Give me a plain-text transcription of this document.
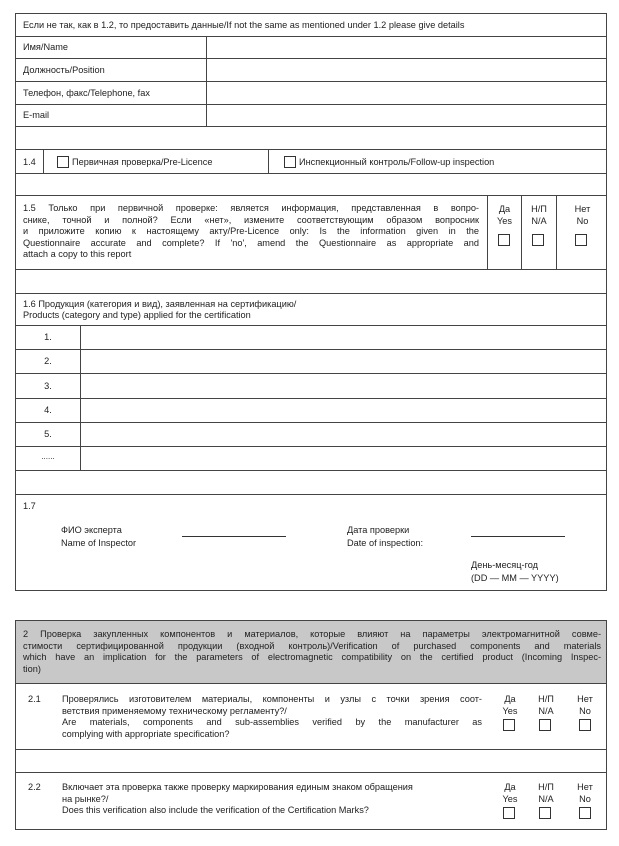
Если не так, как в 1.2, то предоставить данные/If not the same as mentioned under 1.2 please give details
Имя/Name
Должность/Position
Телефон, факс/Telephone, fax
E-mail
1.4	Первичная проверка/Pre-Licence	Инспекционный контроль/Follow-up inspection
1.5 Только при первичной проверке: является информация, представленная в вопро-
снике, точной и полной? Если «нет», измените соответствующим образом вопросник
и приложите копию к настоящему акту/Pre-Licence only: Is the information given in the
Questionnaire accurate and complete? If 'no', amend the Questionnaire as appropriate and
attach a copy to this report
Да
Yes
Н/П
N/A
Нет
No
1.6 Продукция (категория и вид), заявленная на сертификацию/
Products (category and type) applied for the certification
1.
2.
3.
4.
5.
......
1.7
ФИО эксперта
Name of Inspector
Дата проверки
Date of inspection:
День-месяц-год
(DD — MM — YYYY)
2 Проверка закупленных компонентов и материалов, которые влияют на параметры электромагнитной совме-
стимости сертифицированной продукции (входной контроль)/Verification of purchased components and materials
which have an implication for the parameters of electromagnetic compatibility on the certified product (Incoming Inspec-
tion)
2.1 Проверялись изготовителем материалы, компоненты и узлы с точки зрения соот-
ветствия применяемому техническому регламенту?/
Are materials, components and sub-assemblies verified by the manufacturer as
complying with appropriate specification?
Да
Yes
Н/П
N/A
Нет
No
2.2 Включает эта проверка также проверку маркирования единым знаком обращения
на рынке?/
Does this verification also include the verification of the Certification Marks?
Да
Yes
Н/П
N/A
Нет
No
